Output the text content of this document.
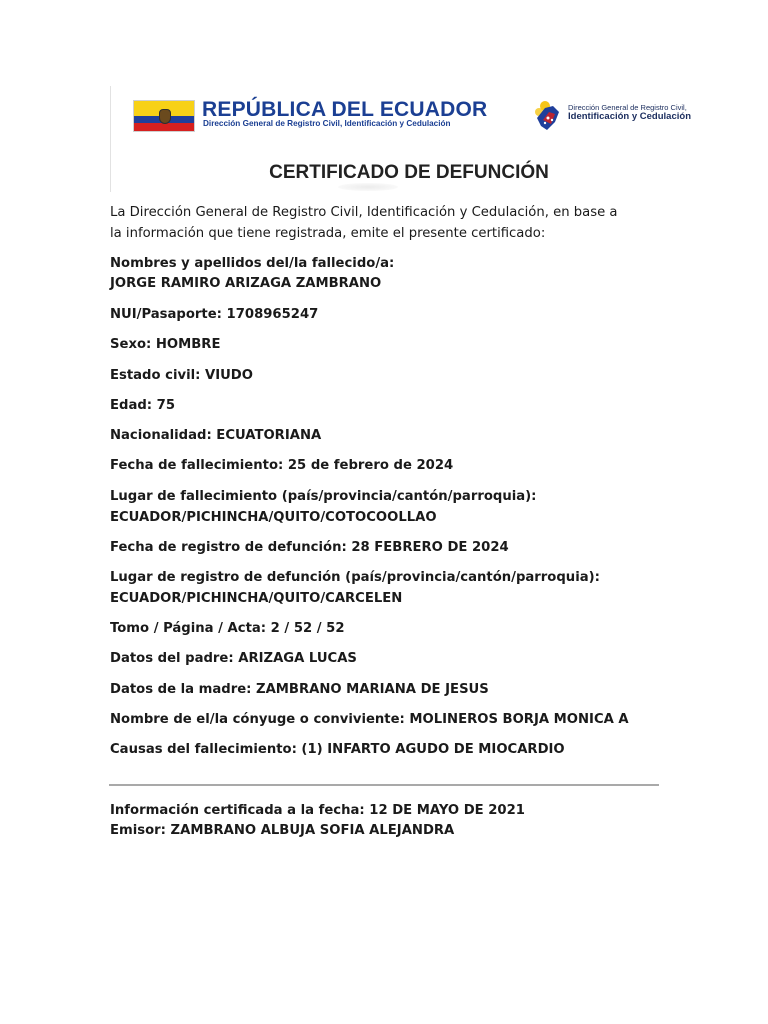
REPÚBLICA DEL ECUADOR
Dirección General de Registro Civil, Identificación y Cedulación
Dirección General de Registro Civil,
Identificación y Cedulación
CERTIFICADO DE DEFUNCIÓN
La Dirección General de Registro Civil, Identificación y Cedulación, en base a
la información que tiene registrada, emite el presente certificado:
Nombres y apellidos del/la fallecido/a:
JORGE RAMIRO ARIZAGA ZAMBRANO
NUI/Pasaporte: 1708965247
Sexo: HOMBRE
Estado civil: VIUDO
Edad: 75
Nacionalidad: ECUATORIANA
Fecha de fallecimiento: 25 de febrero de 2024
Lugar de fallecimiento (país/provincia/cantón/parroquia):
ECUADOR/PICHINCHA/QUITO/COTOCOOLLAO
Fecha de registro de defunción: 28 FEBRERO DE 2024
Lugar de registro de defunción (país/provincia/cantón/parroquia):
ECUADOR/PICHINCHA/QUITO/CARCELEN
Tomo / Página / Acta: 2 / 52 / 52
Datos del padre: ARIZAGA LUCAS
Datos de la madre: ZAMBRANO MARIANA DE JESUS
Nombre de el/la cónyuge o conviviente: MOLINEROS BORJA MONICA A
Causas del fallecimiento: (1) INFARTO AGUDO DE MIOCARDIO
Información certificada a la fecha: 12 DE MAYO DE 2021
Emisor: ZAMBRANO ALBUJA SOFIA ALEJANDRA
